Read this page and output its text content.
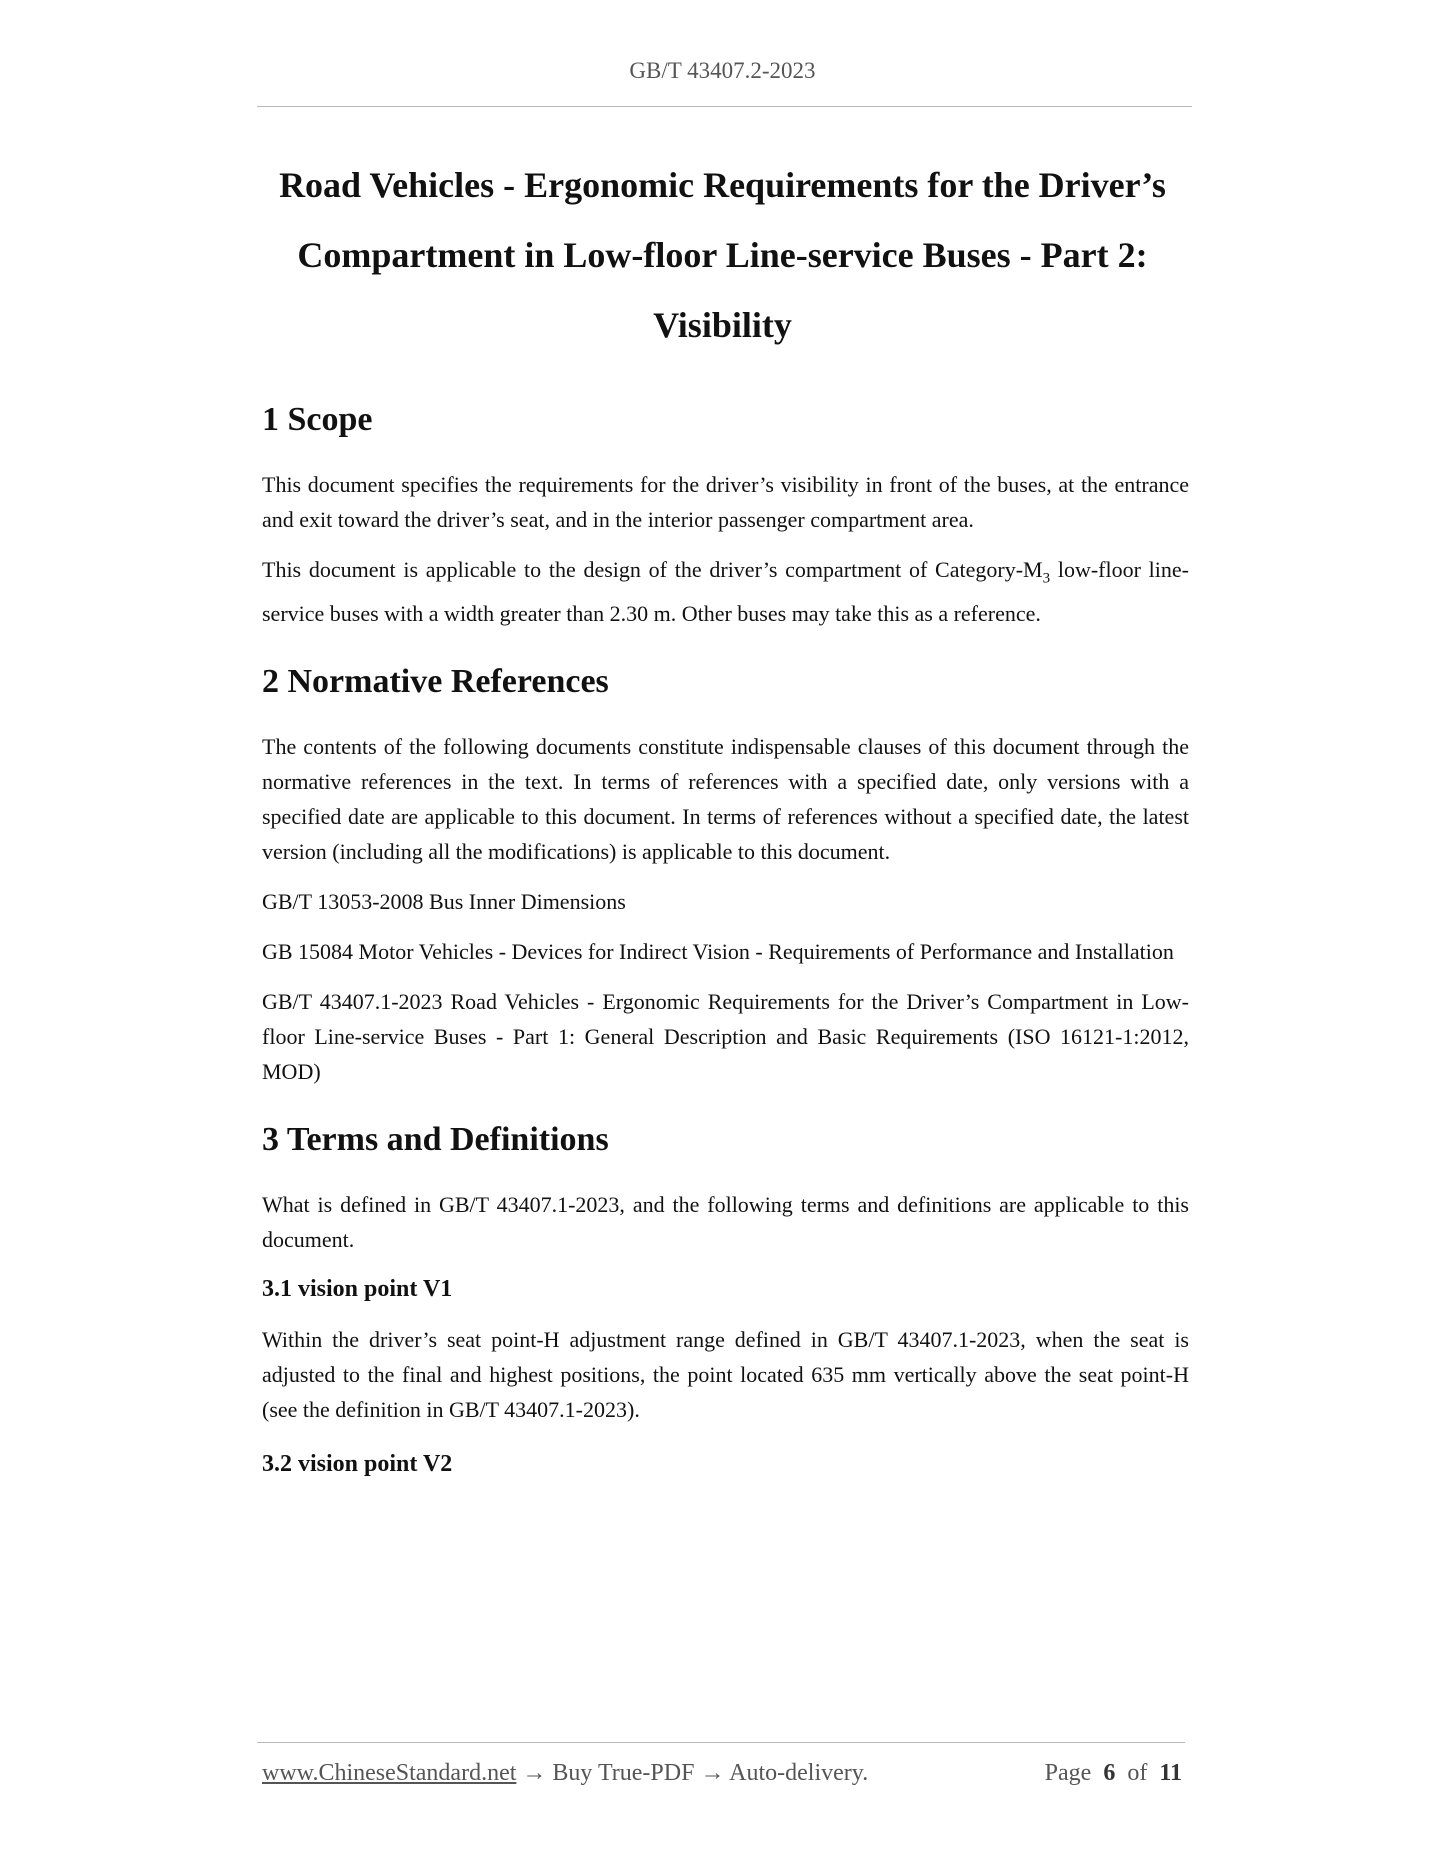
GB/T 43407.2-2023
Road Vehicles - Ergonomic Requirements for the Driver’s
Compartment in Low-floor Line-service Buses - Part 2:
Visibility
1 Scope

This document specifies the requirements for the driver’s visibility in front of the buses, at the entrance and exit toward the driver’s seat, and in the interior passenger compartment area.

This document is applicable to the design of the driver’s compartment of Category-$M_3$ low-floor line-service buses with a width greater than 2.30 m. Other buses may take this as a reference.

2 Normative References

The contents of the following documents constitute indispensable clauses of this document through the normative references in the text. In terms of references with a specified date, only versions with a specified date are applicable to this document. In terms of references without a specified date, the latest version (including all the modifications) is applicable to this document.

GB/T 13053-2008 Bus Inner Dimensions

GB 15084 Motor Vehicles - Devices for Indirect Vision - Requirements of Performance and Installation

GB/T 43407.1-2023 Road Vehicles - Ergonomic Requirements for the Driver’s Compartment in Low-floor Line-service Buses - Part 1: General Description and Basic Requirements (ISO 16121-1:2012, MOD)

3 Terms and Definitions

What is defined in GB/T 43407.1-2023, and the following terms and definitions are applicable to this document.

3.1 vision point V1

Within the driver’s seat point-H adjustment range defined in GB/T 43407.1-2023, when the seat is adjusted to the final and highest positions, the point located 635 mm vertically above the seat point-H (see the definition in GB/T 43407.1-2023).

3.2 vision point V2
www.ChineseStandard.net → Buy True-PDF → Auto-delivery.	Page 6 of 11
